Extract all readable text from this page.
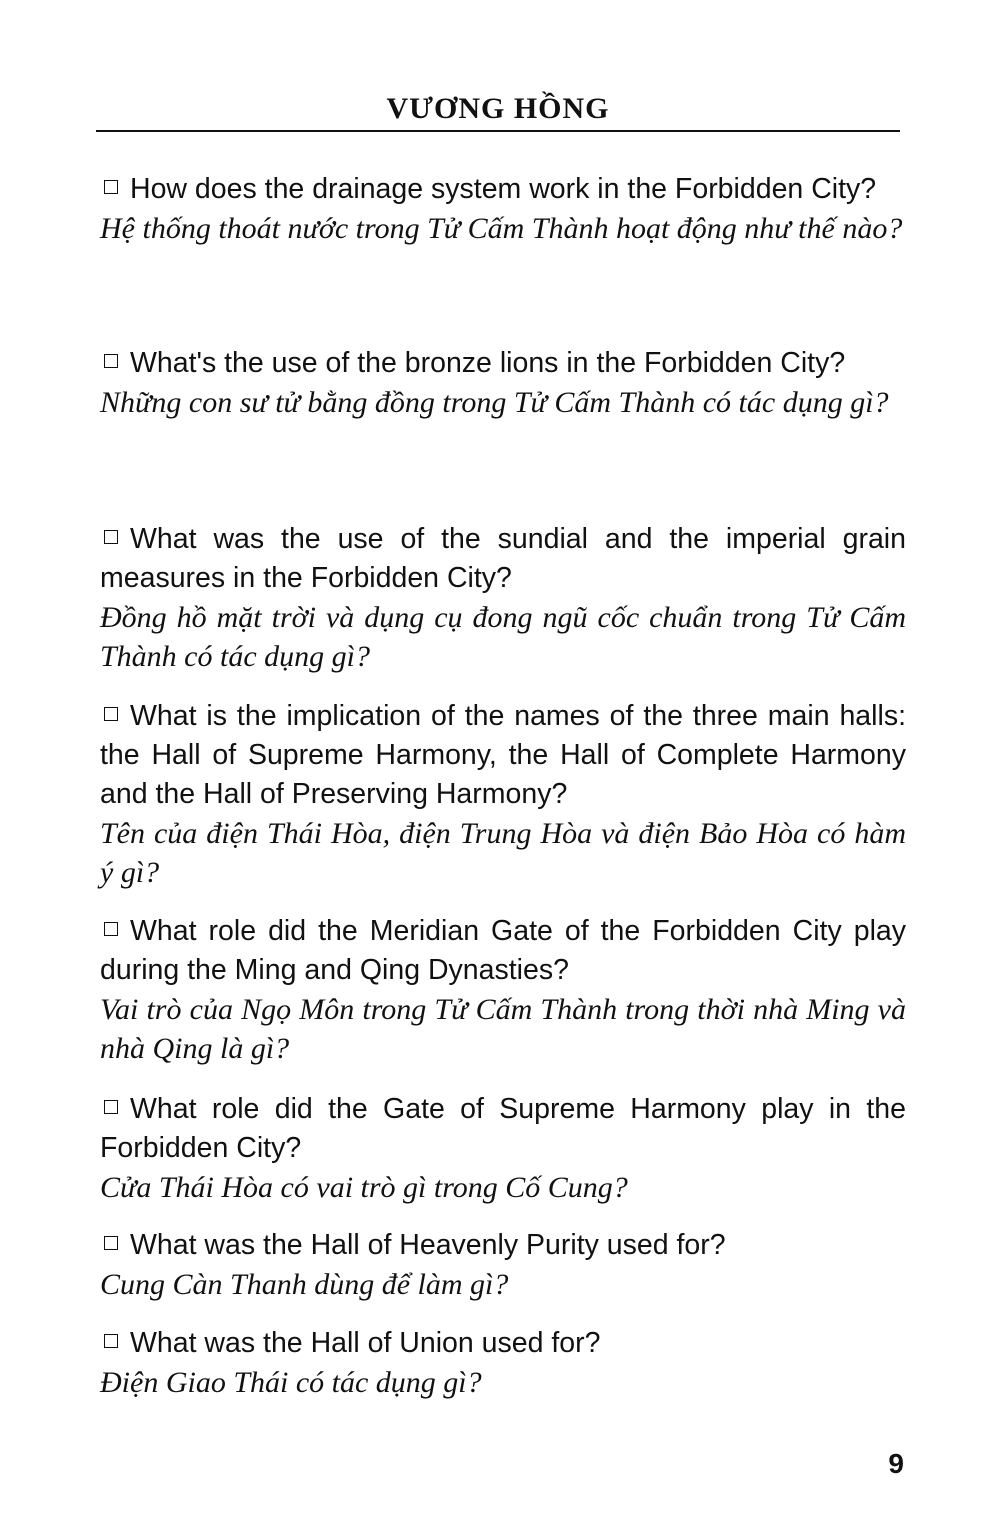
VƯƠNG HỒNG

How does the drainage system work in the Forbidden City?

Hệ thống thoát nước trong Tử Cấm Thành hoạt động như thế nào?

What's the use of the bronze lions in the Forbidden City?

Những con sư tử bằng đồng trong Tử Cấm Thành có tác dụng gì?

What was the use of the sundial and the imperial grain measures in the Forbidden City?

Đồng hồ mặt trời và dụng cụ đong ngũ cốc chuẩn trong Tử Cấm Thành có tác dụng gì?

What is the implication of the names of the three main halls: the Hall of Supreme Harmony, the Hall of Complete Harmony and the Hall of Preserving Harmony?

Tên của điện Thái Hòa, điện Trung Hòa và điện Bảo Hòa có hàm ý gì?

What role did the Meridian Gate of the Forbidden City play during the Ming and Qing Dynasties?

Vai trò của Ngọ Môn trong Tử Cấm Thành trong thời nhà Ming và nhà Qing là gì?

What role did the Gate of Supreme Harmony play in the Forbidden City?

Cửa Thái Hòa có vai trò gì trong Cố Cung?

What was the Hall of Heavenly Purity used for?

Cung Càn Thanh dùng để làm gì?

What was the Hall of Union used for?

Điện Giao Thái có tác dụng gì?

9
